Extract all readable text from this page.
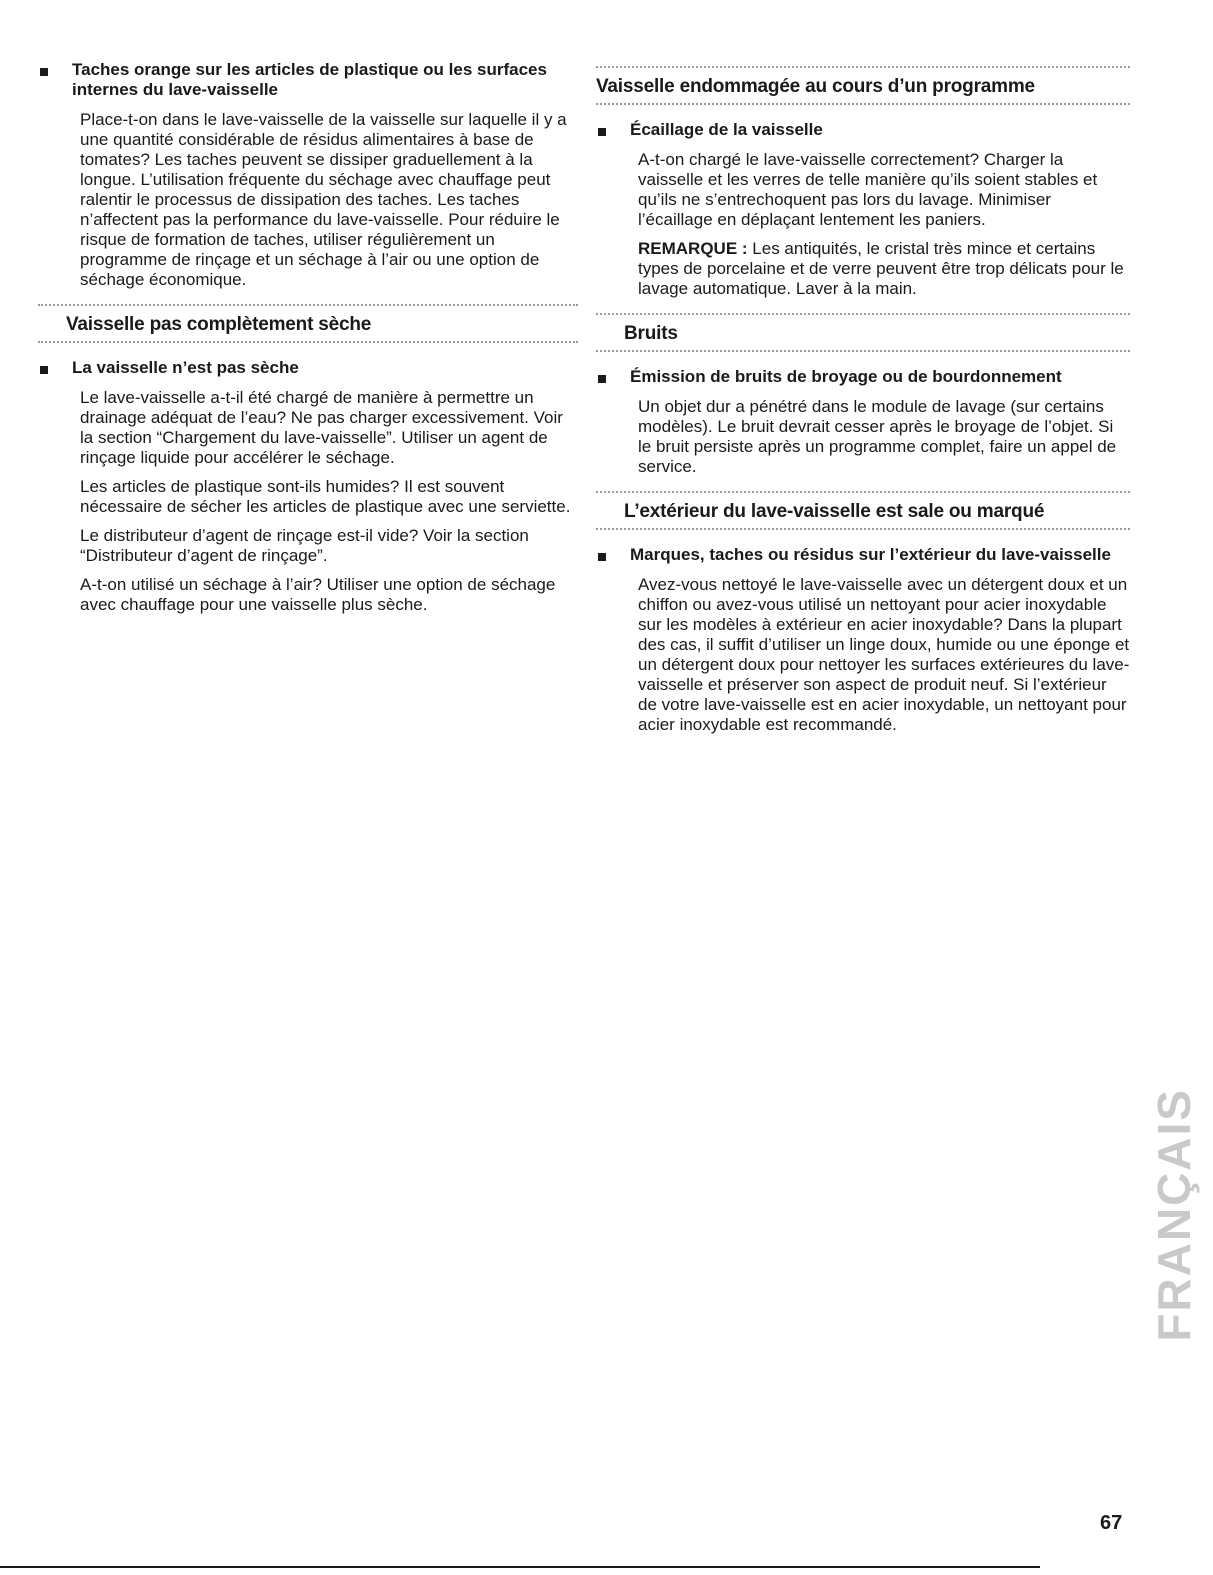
Taches orange sur les articles de plastique ou les surfaces internes du lave-vaisselle

Place-t-on dans le lave-vaisselle de la vaisselle sur laquelle il y a une quantité considérable de résidus alimentaires à base de tomates? Les taches peuvent se dissiper graduellement à la longue. L’utilisation fréquente du séchage avec chauffage peut ralentir le processus de dissipation des taches. Les taches n’affectent pas la performance du lave-vaisselle. Pour réduire le risque de formation de taches, utiliser régulièrement un programme de rinçage et un séchage à l’air ou une option de séchage économique.

Vaisselle pas complètement sèche
La vaisselle n’est pas sèche

Le lave-vaisselle a-t-il été chargé de manière à permettre un drainage adéquat de l’eau? Ne pas charger excessivement. Voir la section “Chargement du lave-vaisselle”. Utiliser un agent de rinçage liquide pour accélérer le séchage.

Les articles de plastique sont-ils humides? Il est souvent nécessaire de sécher les articles de plastique avec une serviette.

Le distributeur d’agent de rinçage est-il vide? Voir la section “Distributeur d’agent de rinçage”.

A-t-on utilisé un séchage à l’air? Utiliser une option de séchage avec chauffage pour une vaisselle plus sèche.

Vaisselle endommagée au cours d’un programme
Écaillage de la vaisselle

A-t-on chargé le lave-vaisselle correctement? Charger la vaisselle et les verres de telle manière qu’ils soient stables et qu’ils ne s’entrechoquent pas lors du lavage. Minimiser l’écaillage en déplaçant lentement les paniers.

REMARQUE : Les antiquités, le cristal très mince et certains types de porcelaine et de verre peuvent être trop délicats pour le lavage automatique. Laver à la main.

Bruits
Émission de bruits de broyage ou de bourdonnement

Un objet dur a pénétré dans le module de lavage (sur certains modèles). Le bruit devrait cesser après le broyage de l’objet. Si le bruit persiste après un programme complet, faire un appel de service.

L’extérieur du lave-vaisselle est sale ou marqué
Marques, taches ou résidus sur l’extérieur du lave-vaisselle

Avez-vous nettoyé le lave-vaisselle avec un détergent doux et un chiffon ou avez-vous utilisé un nettoyant pour acier inoxydable sur les modèles à extérieur en acier inoxydable? Dans la plupart des cas, il suffit d’utiliser un linge doux, humide ou une éponge et un détergent doux pour nettoyer les surfaces extérieures du lave-vaisselle et préserver son aspect de produit neuf. Si l’extérieur de votre lave-vaisselle est en acier inoxydable, un nettoyant pour acier inoxydable est recommandé.

FRANÇAIS
67
